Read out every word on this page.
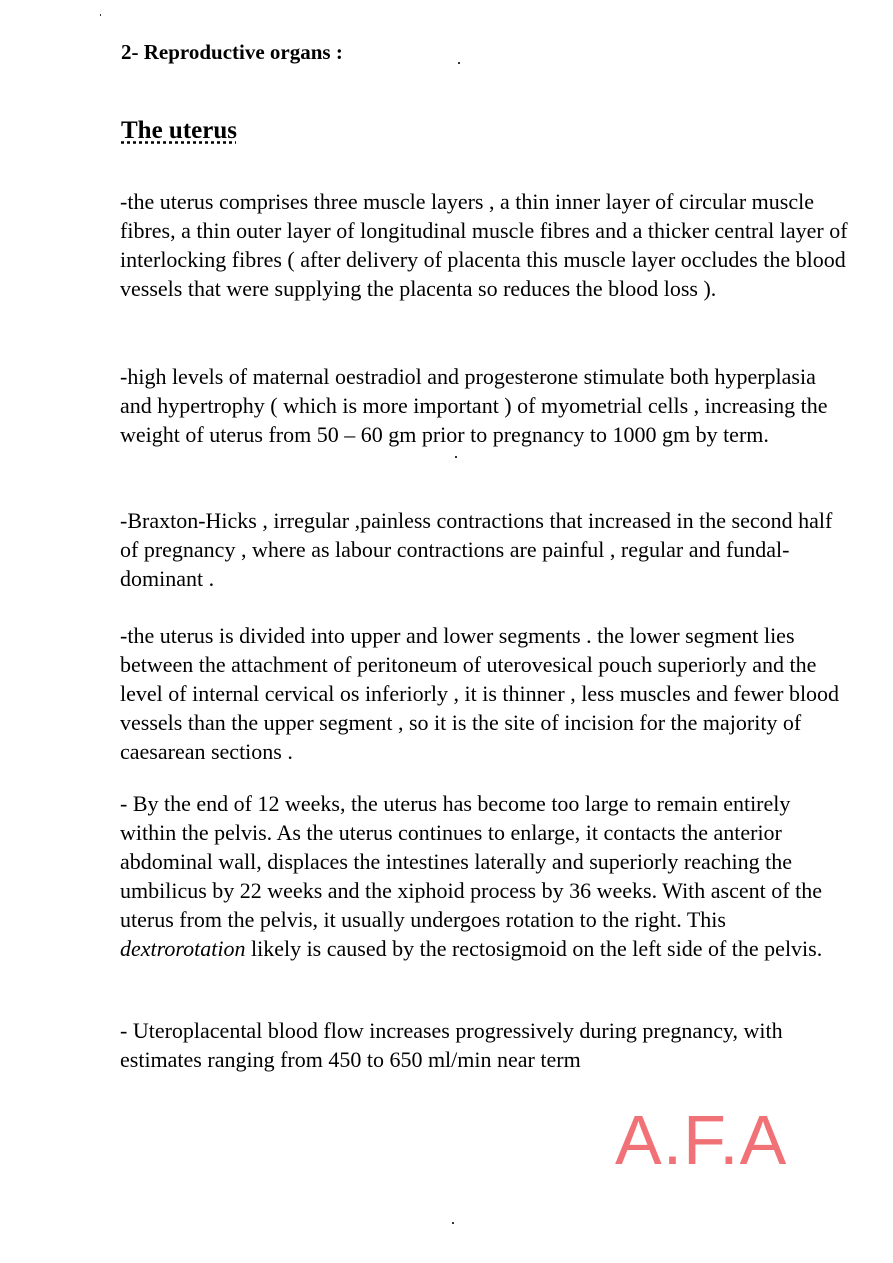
2- Reproductive organs :
The uterus

-the uterus comprises three muscle layers , a thin inner layer of circular muscle fibres, a thin outer layer of longitudinal muscle fibres and a thicker central layer of interlocking fibres ( after delivery of placenta this muscle layer occludes the blood vessels that were supplying the placenta so reduces the blood loss ).

-high levels of maternal oestradiol and progesterone stimulate both hyperplasia and hypertrophy ( which is more important ) of myometrial cells , increasing the weight of uterus from 50 – 60 gm prior to pregnancy to 1000 gm by term.

-Braxton-Hicks , irregular ,painless contractions that increased in the second half of pregnancy , where as labour contractions are painful , regular and fundal-dominant .

-the uterus is divided into upper and lower segments . the lower segment lies between the attachment of peritoneum of uterovesical pouch superiorly and the level of internal cervical os inferiorly , it is thinner , less muscles and fewer blood vessels than the upper segment , so it is the site of incision for the majority of caesarean sections .

- By the end of 12 weeks, the uterus has become too large to remain entirely within the pelvis. As the uterus continues to enlarge, it contacts the anterior abdominal wall, displaces the intestines laterally and superiorly reaching the umbilicus by 22 weeks and the xiphoid process by 36 weeks. With ascent of the uterus from the pelvis, it usually undergoes rotation to the right. This dextrorotation likely is caused by the rectosigmoid on the left side of the pelvis.

- Uteroplacental blood flow increases progressively during pregnancy, with estimates ranging from 450 to 650 ml/min near term

A.F.A
